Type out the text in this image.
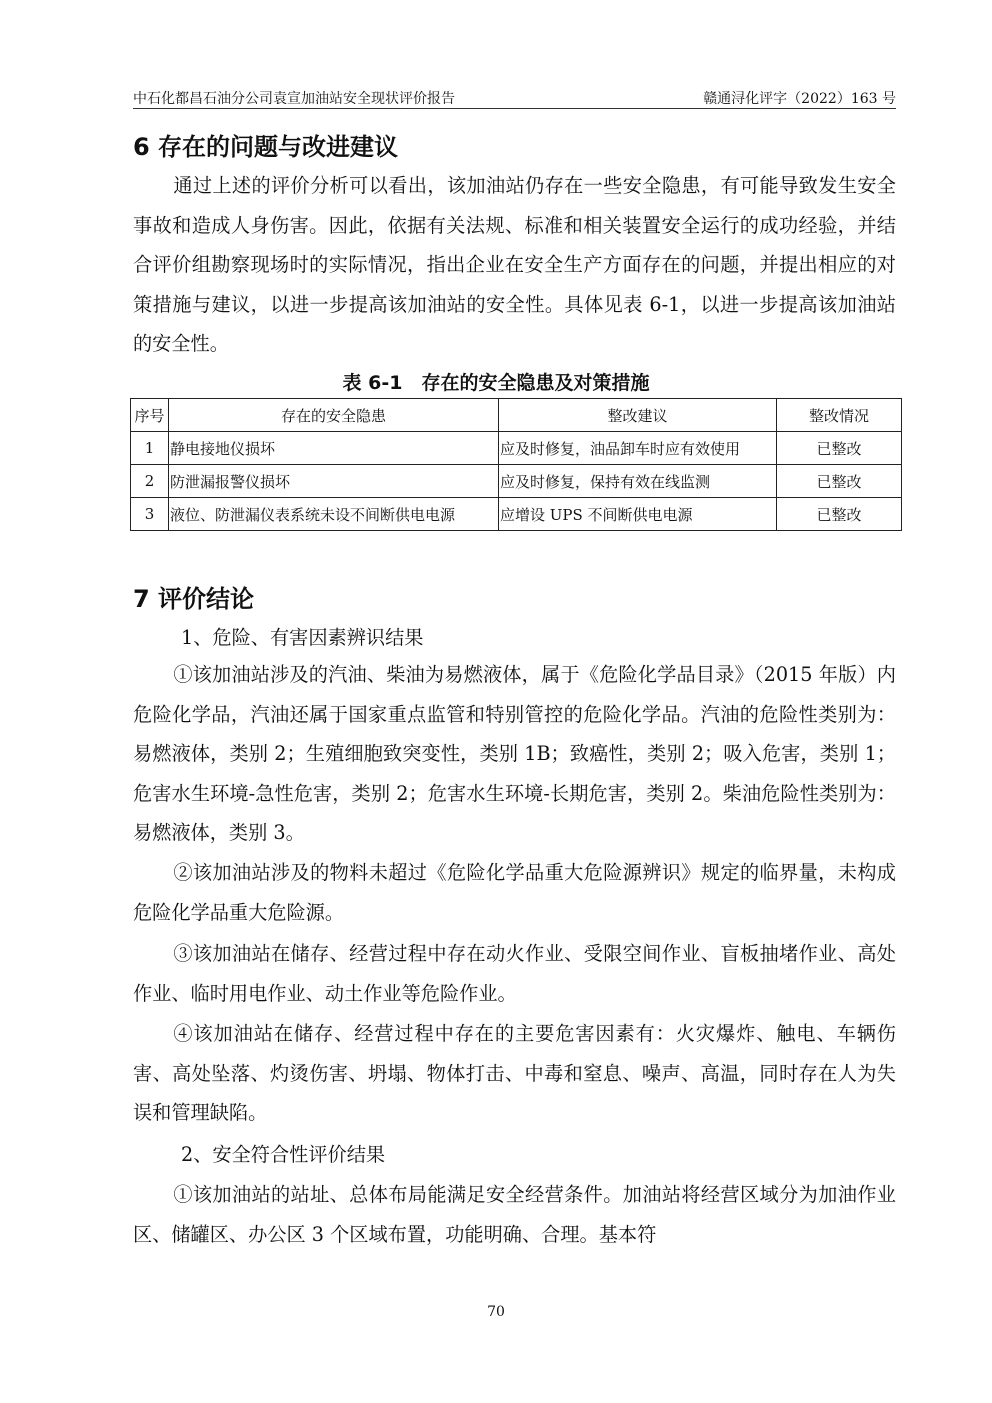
中石化都昌石油分公司袁宣加油站安全现状评价报告	赣通浔化评字（2022）163 号
6 存在的问题与改进建议
通过上述的评价分析可以看出，该加油站仍存在一些安全隐患，有可能导致发生安全事故和造成人身伤害。因此，依据有关法规、标准和相关装置安全运行的成功经验，并结合评价组勘察现场时的实际情况，指出企业在安全生产方面存在的问题，并提出相应的对策措施与建议，以进一步提高该加油站的安全性。具体见表 6-1，以进一步提高该加油站的安全性。
表 6-1　存在的安全隐患及对策措施
序号	存在的安全隐患	整改建议	整改情况
1	静电接地仪损坏	应及时修复，油品卸车时应有效使用	已整改
2	防泄漏报警仪损坏	应及时修复，保持有效在线监测	已整改
3	液位、防泄漏仪表系统未设不间断供电电源	应增设 UPS 不间断供电电源	已整改
7 评价结论
1、危险、有害因素辨识结果
①该加油站涉及的汽油、柴油为易燃液体，属于《危险化学品目录》（2015 年版）内危险化学品，汽油还属于国家重点监管和特别管控的危险化学品。汽油的危险性类别为：易燃液体，类别 2；生殖细胞致突变性，类别 1B；致癌性，类别 2；吸入危害，类别 1；危害水生环境-急性危害，类别 2；危害水生环境-长期危害，类别 2。柴油危险性类别为：易燃液体，类别 3。
②该加油站涉及的物料未超过《危险化学品重大危险源辨识》规定的临界量，未构成危险化学品重大危险源。
③该加油站在储存、经营过程中存在动火作业、受限空间作业、盲板抽堵作业、高处作业、临时用电作业、动土作业等危险作业。
④该加油站在储存、经营过程中存在的主要危害因素有：火灾爆炸、触电、车辆伤害、高处坠落、灼烫伤害、坍塌、物体打击、中毒和窒息、噪声、高温，同时存在人为失误和管理缺陷。
2、安全符合性评价结果
①该加油站的站址、总体布局能满足安全经营条件。加油站将经营区域分为加油作业区、储罐区、办公区 3 个区域布置，功能明确、合理。基本符
70
